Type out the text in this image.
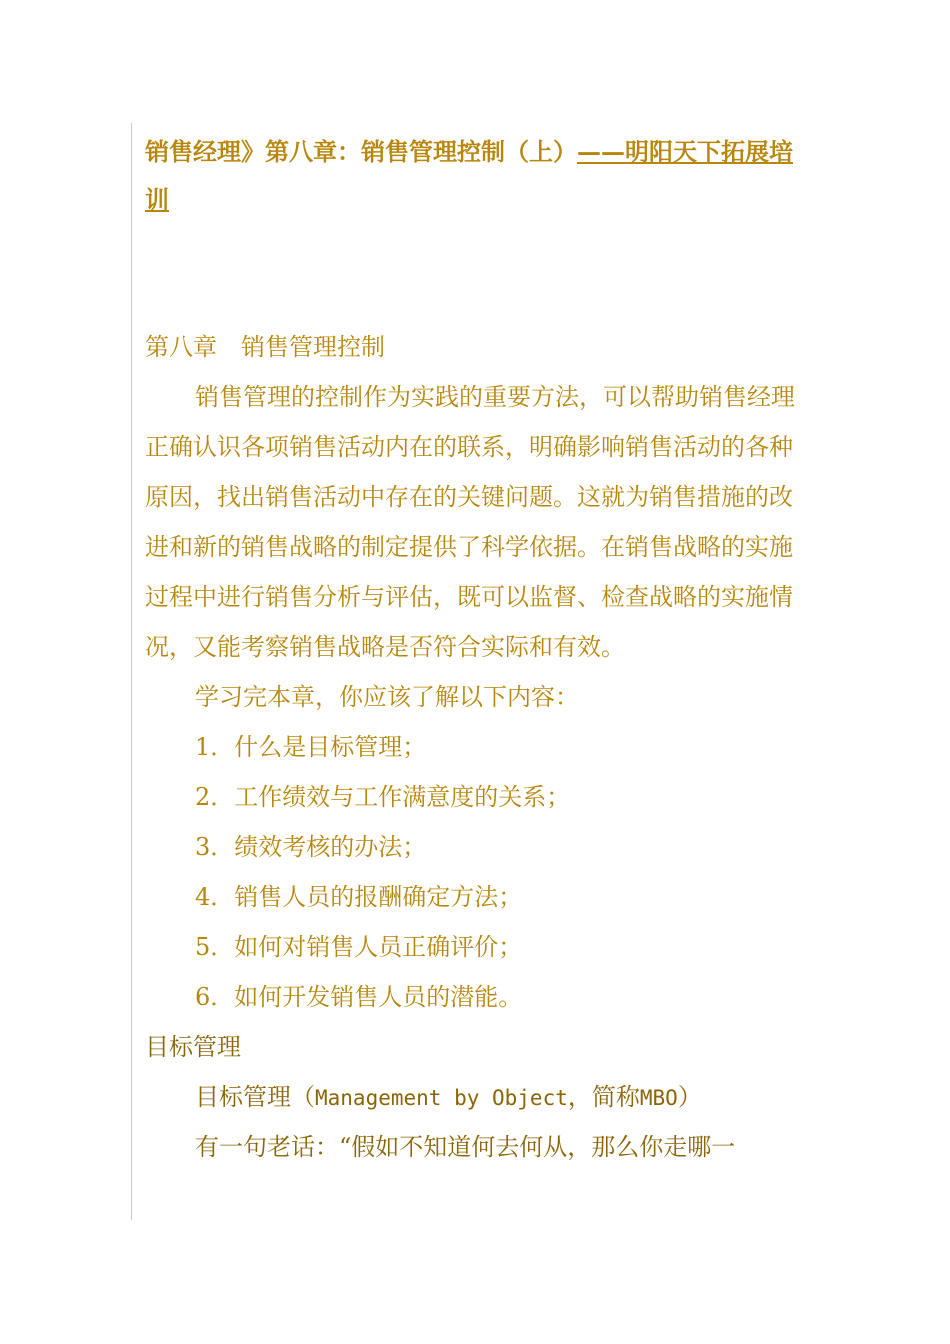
销售经理》第八章：销售管理控制（上）——明阳天下拓展培训

第八章　销售管理控制

销售管理的控制作为实践的重要方法，可以帮助销售经理正确认识各项销售活动内在的联系，明确影响销售活动的各种原因，找出销售活动中存在的关键问题。这就为销售措施的改进和新的销售战略的制定提供了科学依据。在销售战略的实施过程中进行销售分析与评估，既可以监督、检查战略的实施情况，又能考察销售战略是否符合实际和有效。

学习完本章，你应该了解以下内容：
1．什么是目标管理；
2．工作绩效与工作满意度的关系；
3．绩效考核的办法；
4．销售人员的报酬确定方法；
5．如何对销售人员正确评价；
6．如何开发销售人员的潜能。
目标管理
目标管理（Management by Object，简称MBO）
有一句老话：“假如不知道何去何从，那么你走哪一
